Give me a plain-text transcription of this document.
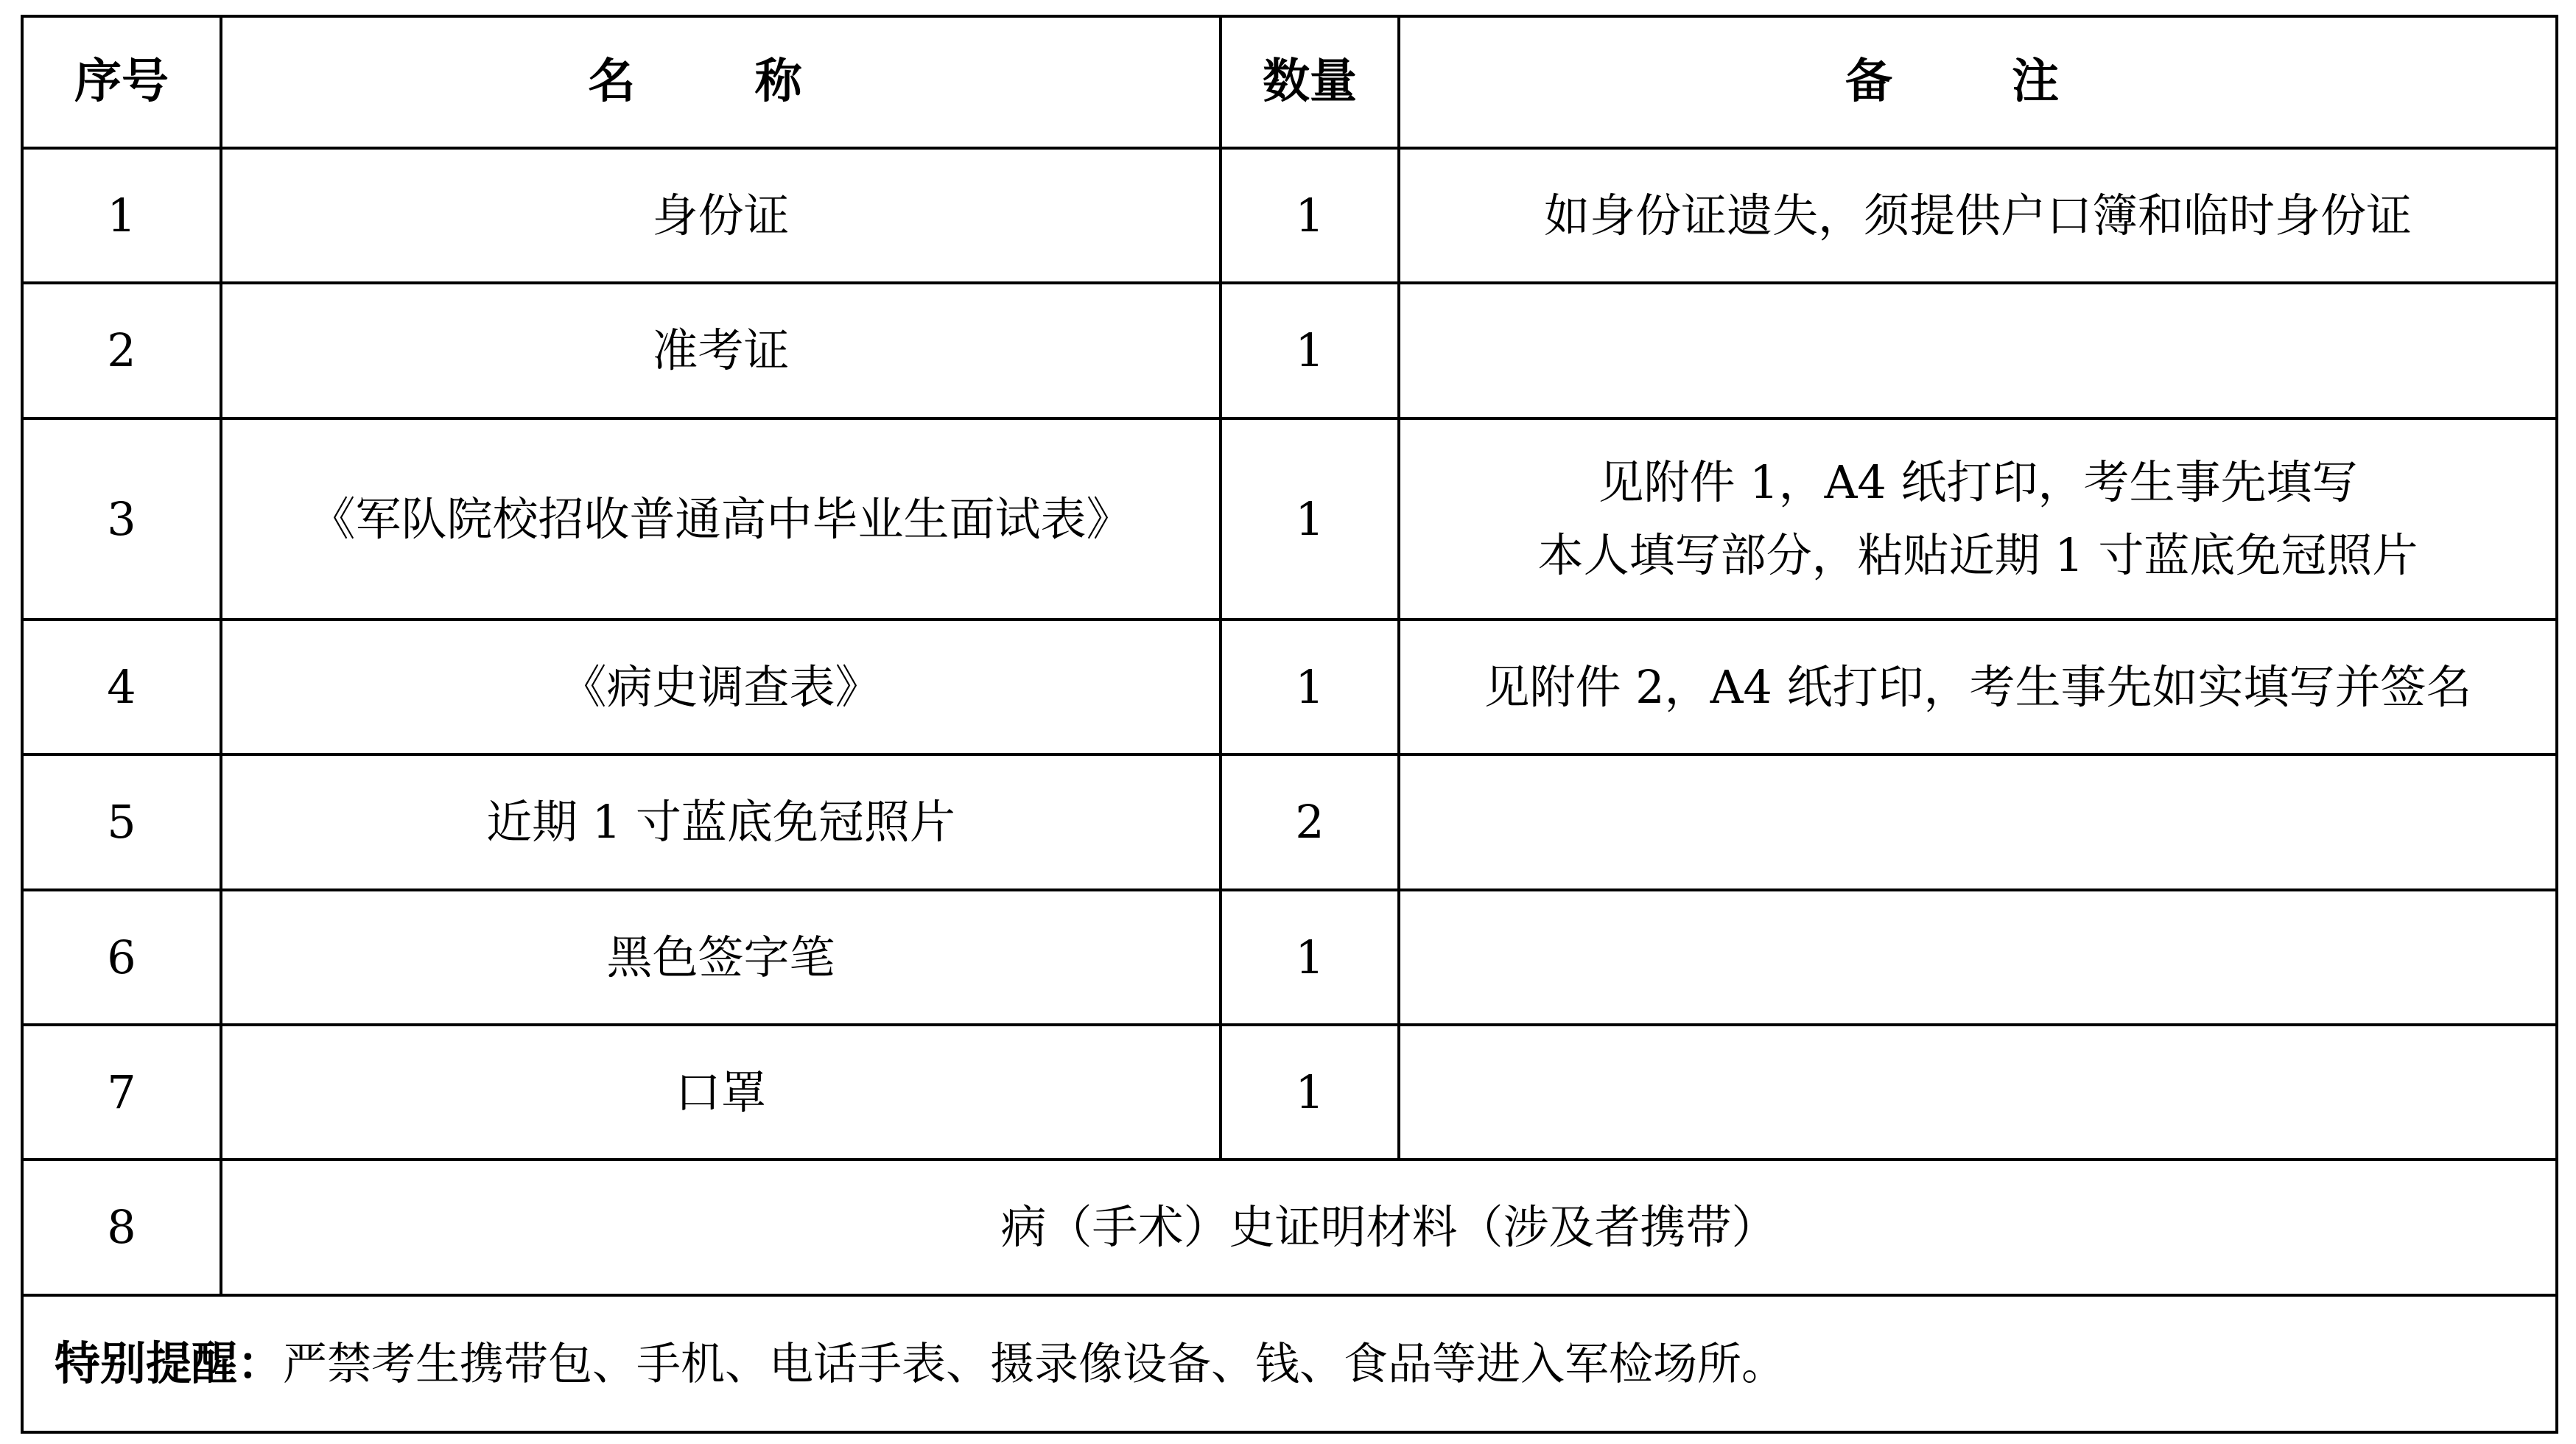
序号	名 称	数量	备 注
1	身份证	1	如身份证遗失，须提供户口簿和临时身份证

2	准考证	1	
3	《军队院校招收普通高中毕业生面试表》	1	见附件 1，A4 纸打印，考生事先填写
本人填写部分，粘贴近期 1 寸蓝底免冠照片

4	《病史调查表》	1	见附件 2，A4 纸打印，考生事先如实填写并签名

5	近期 1 寸蓝底免冠照片	2	
6	黑色签字笔	1	
7	口罩	1	
8	病（手术）史证明材料（涉及者携带）		
特别提醒：严禁考生携带包、手机、电话手表、摄录像设备、钱、食品等进入军检场所。			
